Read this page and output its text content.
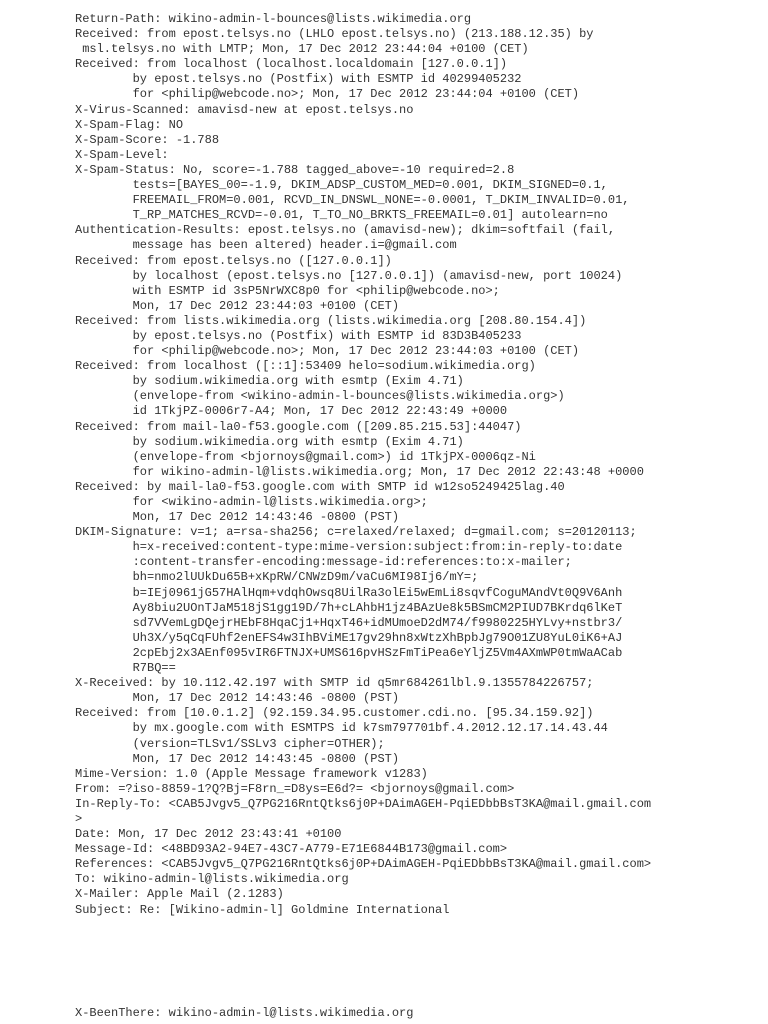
Return-Path: wikino-admin-l-bounces@lists.wikimedia.org
Received: from epost.telsys.no (LHLO epost.telsys.no) (213.188.12.35) by
msl.telsys.no with LMTP; Mon, 17 Dec 2012 23:44:04 +0100 (CET)
Received: from localhost (localhost.localdomain [127.0.0.1])
by epost.telsys.no (Postfix) with ESMTP id 40299405232
for <philip@webcode.no>; Mon, 17 Dec 2012 23:44:04 +0100 (CET)
X-Virus-Scanned: amavisd-new at epost.telsys.no
X-Spam-Flag: NO
X-Spam-Score: -1.788
X-Spam-Level:
X-Spam-Status: No, score=-1.788 tagged_above=-10 required=2.8
tests=[BAYES_00=-1.9, DKIM_ADSP_CUSTOM_MED=0.001, DKIM_SIGNED=0.1,
FREEMAIL_FROM=0.001, RCVD_IN_DNSWL_NONE=-0.0001, T_DKIM_INVALID=0.01,
T_RP_MATCHES_RCVD=-0.01, T_TO_NO_BRKTS_FREEMAIL=0.01] autolearn=no
Authentication-Results: epost.telsys.no (amavisd-new); dkim=softfail (fail,
message has been altered) header.i=@gmail.com
Received: from epost.telsys.no ([127.0.0.1])
by localhost (epost.telsys.no [127.0.0.1]) (amavisd-new, port 10024)
with ESMTP id 3sP5NrWXC8p0 for <philip@webcode.no>;
Mon, 17 Dec 2012 23:44:03 +0100 (CET)
Received: from lists.wikimedia.org (lists.wikimedia.org [208.80.154.4])
by epost.telsys.no (Postfix) with ESMTP id 83D3B405233
for <philip@webcode.no>; Mon, 17 Dec 2012 23:44:03 +0100 (CET)
Received: from localhost ([::1]:53409 helo=sodium.wikimedia.org)
by sodium.wikimedia.org with esmtp (Exim 4.71)
(envelope-from <wikino-admin-l-bounces@lists.wikimedia.org>)
id 1TkjPZ-0006r7-A4; Mon, 17 Dec 2012 22:43:49 +0000
Received: from mail-la0-f53.google.com ([209.85.215.53]:44047)
by sodium.wikimedia.org with esmtp (Exim 4.71)
(envelope-from <bjornoys@gmail.com>) id 1TkjPX-0006qz-Ni
for wikino-admin-l@lists.wikimedia.org; Mon, 17 Dec 2012 22:43:48 +0000
Received: by mail-la0-f53.google.com with SMTP id w12so5249425lag.40
for <wikino-admin-l@lists.wikimedia.org>;
Mon, 17 Dec 2012 14:43:46 -0800 (PST)
DKIM-Signature: v=1; a=rsa-sha256; c=relaxed/relaxed; d=gmail.com; s=20120113;
h=x-received:content-type:mime-version:subject:from:in-reply-to:date
:content-transfer-encoding:message-id:references:to:x-mailer;
bh=nmo2lUUkDu65B+xKpRW/CNWzD9m/vaCu6MI98Ij6/mY=;
b=IEj0961jG57HAlHqm+vdqhOwsq8UilRa3olEi5wEmLi8sqvfCoguMAndVt0Q9V6Anh
Ay8biu2UOnTJaM518jS1gg19D/7h+cLAhbH1jz4BAzUe8k5BSmCM2PIUD7BKrdq6lKeT
sd7VVemLgDQejrHEbF8HqaCj1+HqxT46+idMUmoeD2dM74/f9980225HYLvy+nstbr3/
Uh3X/y5qCqFUhf2enEFS4w3IhBViME17gv29hn8xWtzXhBpbJg79O01ZU8YuL0iK6+AJ
2cpEbj2x3AEnf095vIR6FTNJX+UMS616pvHSzFmTiPea6eYljZ5Vm4AXmWP0tmWaACab
R7BQ==
X-Received: by 10.112.42.197 with SMTP id q5mr684261lbl.9.1355784226757;
Mon, 17 Dec 2012 14:43:46 -0800 (PST)
Received: from [10.0.1.2] (92.159.34.95.customer.cdi.no. [95.34.159.92])
by mx.google.com with ESMTPS id k7sm797701bf.4.2012.12.17.14.43.44
(version=TLSv1/SSLv3 cipher=OTHER);
Mon, 17 Dec 2012 14:43:45 -0800 (PST)
Mime-Version: 1.0 (Apple Message framework v1283)
From: =?iso-8859-1?Q?Bj=F8rn_=D8ys=E6d?= <bjornoys@gmail.com>
In-Reply-To: <CAB5Jvgv5_Q7PG216RntQtks6j0P+DAimAGEH-PqiEDbbBsT3KA@mail.gmail.com
>
Date: Mon, 17 Dec 2012 23:43:41 +0100
Message-Id: <48BD93A2-94E7-43C7-A779-E71E6844B173@gmail.com>
References: <CAB5Jvgv5_Q7PG216RntQtks6j0P+DAimAGEH-PqiEDbbBsT3KA@mail.gmail.com>
To: wikino-admin-l@lists.wikimedia.org
X-Mailer: Apple Mail (2.1283)
Subject: Re: [Wikino-admin-l] Goldmine International
X-BeenThere: wikino-admin-l@lists.wikimedia.org
